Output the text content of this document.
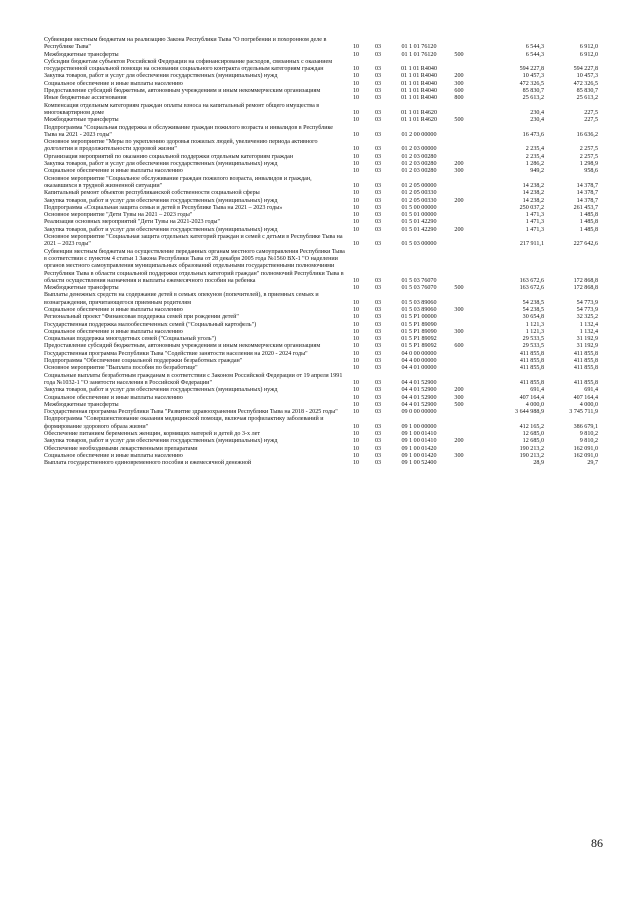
Субвенции местным бюджетам на реализацию Закона Республики Тыва "О погребении и похоронном деле в Республике Тыва"	10	03	01 1 01 76120		6 544,3	6 912,0
Межбюджетные трансферты	10	03	01 1 01 76120	500	6 544,3	6 912,0
Субсидии бюджетам субъектов Российской Федерации на софинансирование расходов, связанных с оказанием государственной социальной помощи на основании социального контракта отдельным категориям граждан	10	03	01 1 01 R4040		594 227,8	594 227,8
Закупка товаров, работ и услуг для обеспечения государственных (муниципальных) нужд	10	03	01 1 01 R4040	200	10 457,3	10 457,3
Социальное обеспечение и иные выплаты населению	10	03	01 1 01 R4040	300	472 326,5	472 326,5
Предоставление субсидий бюджетным, автономным учреждениям и иным некоммерческим организациям	10	03	01 1 01 R4040	600	85 830,7	85 830,7
Иные бюджетные ассигнования	10	03	01 1 01 R4040	800	25 613,2	25 613,2
Компенсация отдельным категориям граждан оплаты взноса на капитальный ремонт общего имущества в многоквартирном доме	10	03	01 1 01 R4620		230,4	227,5
Межбюджетные трансферты	10	03	01 1 01 R4620	500	230,4	227,5
Подпрограмма "Социальная поддержка и обслуживание граждан пожилого возраста и инвалидов в Республике Тыва на 2021 - 2023 годы"	10	03	01 2 00 00000		16 473,6	16 636,2
Основное мероприятие "Меры по укреплению здоровья пожилых людей, увеличению периода активного долголетия и продолжительности здоровой жизни"	10	03	01 2 03 00000		2 235,4	2 257,5
Организация мероприятий по оказанию социальной поддержки отдельным категориям граждан	10	03	01 2 03 00280		2 235,4	2 257,5
Закупка товаров, работ и услуг для обеспечения государственных (муниципальных) нужд	10	03	01 2 03 00280	200	1 286,2	1 298,9
Социальное обеспечение и иные выплаты населению	10	03	01 2 03 00280	300	949,2	958,6
Основное мероприятие "Социальное обслуживание граждан пожилого возраста, инвалидов и граждан, оказавшихся в трудной жизненной ситуации"	10	03	01 2 05 00000		14 238,2	14 378,7
Капитальный ремонт объектов республиканской собственности социальной сферы	10	03	01 2 05 00330		14 238,2	14 378,7
Закупка товаров, работ и услуг для обеспечения государственных (муниципальных) нужд	10	03	01 2 05 00330	200	14 238,2	14 378,7
Подпрограмма «Социальная защита семьи и детей в Республике Тыва на 2021 – 2023 годы»	10	03	01 5 00 00000		250 037,2	261 453,7
Основное мероприятие "Дети Тувы на 2021 – 2023 годы"	10	03	01 5 01 00000		1 471,3	1 485,8
Реализация основных мероприятий "Дети Тувы на 2021-2023 годы"	10	03	01 5 01 42290		1 471,3	1 485,8
Закупка товаров, работ и услуг для обеспечения государственных (муниципальных) нужд	10	03	01 5 01 42290	200	1 471,3	1 485,8
Основное мероприятие "Социальная защита отдельных категорий граждан и семей с детьми в Республике Тыва на 2021 – 2023 годы"	10	03	01 5 03 00000		217 911,1	227 642,6
Субвенции местным бюджетам на осуществление переданных органам местного самоуправления Республики Тыва в соответствии с пунктом 4 статьи 1 Закона Республики Тыва от 28 декабря 2005 года №1560 ВХ-1 "О наделении органов местного самоуправления муниципальных образований отдельными государственными полномочиями Республики Тыва в области социальной поддержки отдельных категорий граждан" полномочий Республики Тыва в области осуществления назначения и выплаты ежемесячного пособия на ребенка	10	03	01 5 03 76070		163 672,6	172 868,8
Межбюджетные трансферты	10	03	01 5 03 76070	500	163 672,6	172 868,8
Выплаты денежных средств на содержание детей в семьях опекунов (попечителей), в приемных семьях и вознаграждения, причитающегося приемным родителям	10	03	01 5 03 89060		54 238,5	54 773,9
Социальное обеспечение и иные выплаты населению	10	03	01 5 03 89060	300	54 238,5	54 773,9
Региональный проект "Финансовая поддержка семей при рождении детей"	10	03	01 5 P1 00000		30 654,8	32 325,2
Государственная поддержка малообеспеченных семей ("Социальный картофель")	10	03	01 5 P1 89090		1 121,3	1 132,4
Социальное обеспечение и иные выплаты населению	10	03	01 5 P1 89090	300	1 121,3	1 132,4
Социальная поддержка многодетных семей ("Социальный уголь")	10	03	01 5 P1 89092		29 533,5	31 192,9
Предоставление субсидий бюджетным, автономным учреждениям и иным некоммерческим организациям	10	03	01 5 P1 89092	600	29 533,5	31 192,9
Государственная программа Республики Тыва "Содействие занятости населения на 2020 - 2024 годы"	10	03	04 0 00 00000		411 855,8	411 855,8
Подпрограмма "Обеспечение социальной поддержки безработных граждан"	10	03	04 4 00 00000		411 855,8	411 855,8
Основное мероприятие "Выплата пособия по безработице"	10	03	04 4 01 00000		411 855,8	411 855,8
Социальные выплаты безработным гражданам в соответствии с Законом Российской Федерации от 19 апреля 1991 года №1032-1 "О занятости населения в Российской Федерации"	10	03	04 4 01 52900		411 855,8	411 855,8
Закупка товаров, работ и услуг для обеспечения государственных (муниципальных) нужд	10	03	04 4 01 52900	200	691,4	691,4
Социальное обеспечение и иные выплаты населению	10	03	04 4 01 52900	300	407 164,4	407 164,4
Межбюджетные трансферты	10	03	04 4 01 52900	500	4 000,0	4 000,0
Государственная программа Республики Тыва "Развитие здравоохранения Республики Тыва на 2018 - 2025 годы"	10	03	09 0 00 00000		3 644 988,9	3 745 711,9
Подпрограмма "Совершенствование оказания медицинской помощи, включая профилактику заболеваний и формирование здорового образа жизни"	10	03	09 1 00 00000		412 165,2	386 679,1
Обеспечение питанием беременных женщин, кормящих матерей и детей до 3-х лет	10	03	09 1 00 01410		12 685,0	9 810,2
Закупка товаров, работ и услуг для обеспечения государственных (муниципальных) нужд	10	03	09 1 00 01410	200	12 685,0	9 810,2
Обеспечение необходимыми лекарственными препаратами	10	03	09 1 00 01420		190 213,2	162 091,0
Социальное обеспечение и иные выплаты населению	10	03	09 1 00 01420	300	190 213,2	162 091,0
Выплата государственного единовременного пособия и ежемесячной денежной	10	03	09 1 00 52400		28,9	29,7
86
